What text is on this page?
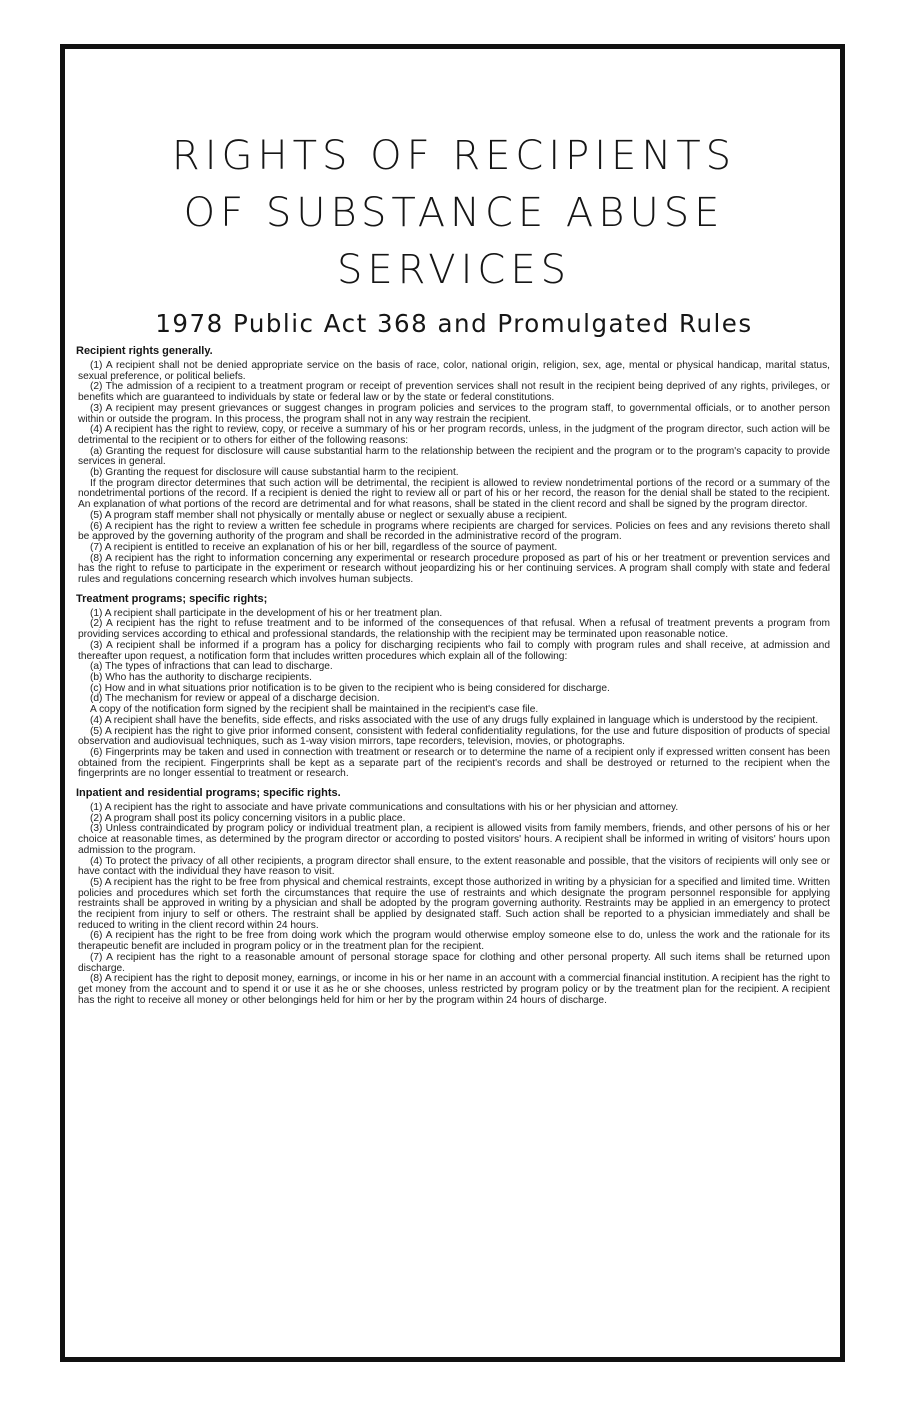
RIGHTS OF RECIPIENTS
OF SUBSTANCE ABUSE
SERVICES
1978 Public Act 368 and Promulgated Rules
Recipient rights generally.

(1) A recipient shall not be denied appropriate service on the basis of race, color, national origin, religion, sex, age, mental or physical handicap, marital status, sexual preference, or political beliefs.

(2) The admission of a recipient to a treatment program or receipt of prevention services shall not result in the recipient being deprived of any rights, privileges, or benefits which are guaranteed to individuals by state or federal law or by the state or federal constitutions.

(3) A recipient may present grievances or suggest changes in program policies and services to the program staff, to governmental officials, or to another person within or outside the program. In this process, the program shall not in any way restrain the recipient.

(4) A recipient has the right to review, copy, or receive a summary of his or her program records, unless, in the judgment of the program director, such action will be detrimental to the recipient or to others for either of the following reasons:

(a) Granting the request for disclosure will cause substantial harm to the relationship between the recipient and the program or to the program's capacity to provide services in general.

(b) Granting the request for disclosure will cause substantial harm to the recipient.

If the program director determines that such action will be detrimental, the recipient is allowed to review nondetrimental portions of the record or a summary of the nondetrimental portions of the record. If a recipient is denied the right to review all or part of his or her record, the reason for the denial shall be stated to the recipient. An explanation of what portions of the record are detrimental and for what reasons, shall be stated in the client record and shall be signed by the program director.

(5) A program staff member shall not physically or mentally abuse or neglect or sexually abuse a recipient.

(6) A recipient has the right to review a written fee schedule in programs where recipients are charged for services. Policies on fees and any revisions thereto shall be approved by the governing authority of the program and shall be recorded in the administrative record of the program.

(7) A recipient is entitled to receive an explanation of his or her bill, regardless of the source of payment.

(8) A recipient has the right to information concerning any experimental or research procedure proposed as part of his or her treatment or prevention services and has the right to refuse to participate in the experiment or research without jeopardizing his or her continuing services. A program shall comply with state and federal rules and regulations concerning research which involves human subjects.

Treatment programs; specific rights;

(1) A recipient shall participate in the development of his or her treatment plan.

(2) A recipient has the right to refuse treatment and to be informed of the consequences of that refusal. When a refusal of treatment prevents a program from providing services according to ethical and professional standards, the relationship with the recipient may be terminated upon reasonable notice.

(3) A recipient shall be informed if a program has a policy for discharging recipients who fail to comply with program rules and shall receive, at admission and thereafter upon request, a notification form that includes written procedures which explain all of the following:

(a) The types of infractions that can lead to discharge.

(b) Who has the authority to discharge recipients.

(c) How and in what situations prior notification is to be given to the recipient who is being considered for discharge.

(d) The mechanism for review or appeal of a discharge decision.

A copy of the notification form signed by the recipient shall be maintained in the recipient's case file.

(4) A recipient shall have the benefits, side effects, and risks associated with the use of any drugs fully explained in language which is understood by the recipient.

(5) A recipient has the right to give prior informed consent, consistent with federal confidentiality regulations, for the use and future disposition of products of special observation and audiovisual techniques, such as 1-way vision mirrors, tape recorders, television, movies, or photographs.

(6) Fingerprints may be taken and used in connection with treatment or research or to determine the name of a recipient only if expressed written consent has been obtained from the recipient. Fingerprints shall be kept as a separate part of the recipient's records and shall be destroyed or returned to the recipient when the fingerprints are no longer essential to treatment or research.

Inpatient and residential programs; specific rights.

(1) A recipient has the right to associate and have private communications and consultations with his or her physician and attorney.

(2) A program shall post its policy concerning visitors in a public place.

(3) Unless contraindicated by program policy or individual treatment plan, a recipient is allowed visits from family members, friends, and other persons of his or her choice at reasonable times, as determined by the program director or according to posted visitors' hours. A recipient shall be informed in writing of visitors' hours upon admission to the program.

(4) To protect the privacy of all other recipients, a program director shall ensure, to the extent reasonable and possible, that the visitors of recipients will only see or have contact with the individual they have reason to visit.

(5) A recipient has the right to be free from physical and chemical restraints, except those authorized in writing by a physician for a specified and limited time. Written policies and procedures which set forth the circumstances that require the use of restraints and which designate the program personnel responsible for applying restraints shall be approved in writing by a physician and shall be adopted by the program governing authority. Restraints may be applied in an emergency to protect the recipient from injury to self or others. The restraint shall be applied by designated staff. Such action shall be reported to a physician immediately and shall be reduced to writing in the client record within 24 hours.

(6) A recipient has the right to be free from doing work which the program would otherwise employ someone else to do, unless the work and the rationale for its therapeutic benefit are included in program policy or in the treatment plan for the recipient.

(7) A recipient has the right to a reasonable amount of personal storage space for clothing and other personal property. All such items shall be returned upon discharge.

(8) A recipient has the right to deposit money, earnings, or income in his or her name in an account with a commercial financial institution. A recipient has the right to get money from the account and to spend it or use it as he or she chooses, unless restricted by program policy or by the treatment plan for the recipient. A recipient has the right to receive all money or other belongings held for him or her by the program within 24 hours of discharge.
